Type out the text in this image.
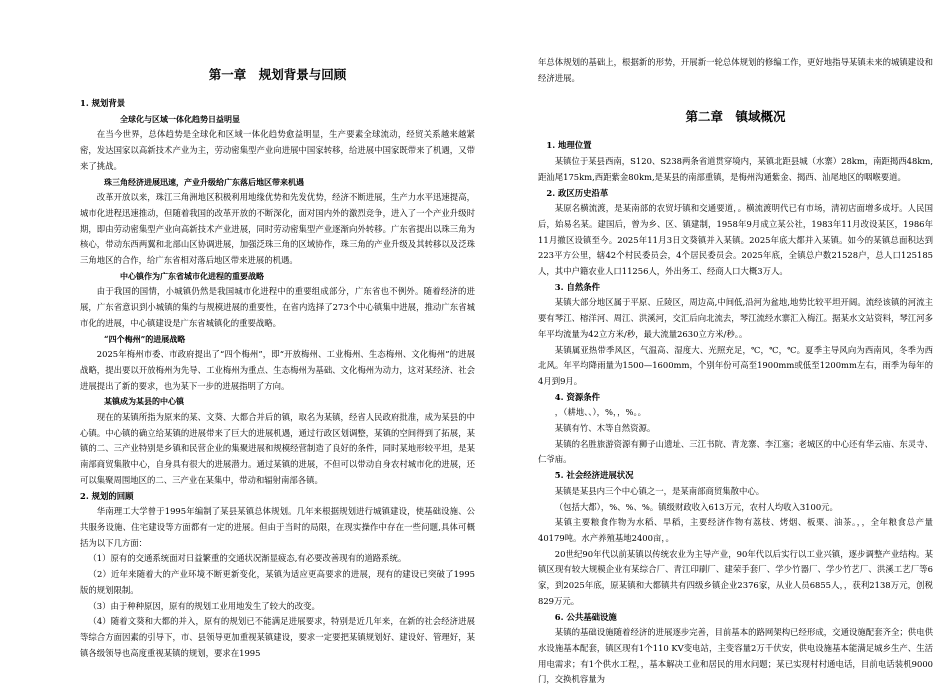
第一章　规划背景与回顾

1. 规划背景

全球化与区域一体化趋势日益明显

在当今世界，总体趋势是全球化和区域一体化趋势愈益明显，生产要素全球流动，经贸关系越来越紧密，发达国家以高新技术产业为主，劳动密集型产业向进展中国家转移，给进展中国家既带来了机遇，又带来了挑战。

珠三角经济进展迅速，产业升级给广东落后地区带来机遇

改革开放以来，珠江三角洲地区积极利用地缘优势和先发优势，经济不断进展，生产力水平迅速提高，城市化进程迅速推动，但随着我国的改革开放的不断深化，面对国内外的激烈竞争，进入了一个产业升级时期，即由劳动密集型产业向高新技术产业进展，同时劳动密集型产业逐渐向外转移。广东省提出以珠三角为核心，带动东西两翼和北部山区协调进展，加强泛珠三角的区域协作，珠三角的产业升级及其转移以及泛珠三角地区的合作，给广东省相对落后地区带来进展的机遇。

中心镇作为广东省城市化进程的重要战略

由于我国的国情，小城镇仍然是我国城市化进程中的重要组成部分，广东省也不例外。随着经济的进展，广东省意识到小城镇的集约与规模进展的重要性，在省内选择了273个中心镇集中进展，推动广东省城市化的进展，中心镇建设是广东省城镇化的重要战略。

“四个梅州”的进展战略

2025年梅州市委、市政府提出了“四个梅州”，即“开放梅州、工业梅州、生态梅州、文化梅州”的进展战略，提出要以开放梅州为先导、工业梅州为重点、生态梅州为基础、文化梅州为动力，这对某经济、社会进展提出了新的要求，也为某下一步的进展指明了方向。

某镇成为某县的中心镇

现在的某镇所指为原来的某、文葵、大都合并后的镇，取名为某镇，经省人民政府批准，成为某县的中心镇。中心镇的确立给某镇的进展带来了巨大的进展机遇，通过行政区划调整，某镇的空间得到了拓展，某镇的二、三产业特别是乡镇和民营企业的集聚进展和规模经营制造了良好的条件，同时某地形较平坦，是某南部商贸集散中心，自身具有很大的进展潜力。通过某镇的进展，不但可以带动自身农村城市化的进展，还可以集聚周围地区的二、三产业在某集中，带动和辐射南部各镇。

2. 规划的回顾

华南理工大学曾于1995年编制了某县某镇总体规划。几年来根据规划进行城镇建设，使基础设施、公共服务设施、住宅建设等方面都有一定的进展。但由于当时的局限，在现实操作中存在一些问题,具体可概括为以下几方面：

（1）原有的交通系统面对日益繁重的交通状况渐显疲态,有必要改善现有的道路系统。

（2）近年来随着大的产业环境不断更新变化，某镇为适应更高要求的进展，现有的建设已突破了1995版的规划限制。

（3）由于种种原因，原有的规划工业用地发生了较大的改变。

（4）随着文葵和大都的并入，原有的规划已不能满足进展要求，特别是近几年来，在新的社会经济进展等综合方面因素的引导下，市、县领导更加重视某镇建设，要求一定要把某镇规划好、建设好、管理好，某镇各级领导也高度重视某镇的规划，要求在1995

年总体规划的基础上，根据新的形势，开展新一轮总体规划的修编工作，更好地指导某镇未来的城镇建设和经济进展。

第二章　镇域概况

1. 地理位置

某镇位于某县西南，S120、S238两条省道贯穿境内，某镇北距县城（水寨）28km，南距揭西48km,距汕尾175km,西距紫金80km,是某县的南部重镇，是梅州沟通紫金、揭西、汕尾地区的咽喉要道。

2. 政区历史沿革

某原名横流渡，是某南部的农贸圩镇和交通要道，。横流渡明代已有市场，清初店面增多成圩。人民国后，始易名某。建国后，曾为乡、区、镇建制，1958年9月成立某公社，1983年11月改设某区，1986年11月撤区设镇至今。2025年11月3日文葵镇并入某镇。2025年底大都并入某镇。如今的某镇总面积达到223平方公里，辖42个村民委员会，4个居民委员会。2025年底，全镇总户数21528户，总人口125185人，其中户籍农业人口11256人，外出务工、经商人口大概3万人。

3. 自然条件

某镇大部分地区属于平原、丘陵区，周边高,中间低,沿河为盆地,地势比较平坦开阔。流经该镇的河流主要有琴江、榕洋河、周江、洪溪河，交汇后向北流去，琴江流经水寨汇入梅江。据某水文站资料，琴江河多年平均流量为42立方米/秒，最大流量2630立方米/秒。。

某镇属亚热带季风区，气温高、湿度大、光照充足，℃，℃，℃。夏季主导风向为西南风，冬季为西北风。年平均降雨量为1500—1600mm，个别年份可高至1900mm或低至1200mm左右，雨季为每年的4月到9月。

4. 资源条件

，（耕地、、），%，，%。。

某镇有竹、木等自然资源。

某镇的名胜旅游资源有狮子山遗址、三江书院、青龙寨、李江塞；老城区的中心还有华云庙、东灵寺、仁爷庙。

5. 社会经济进展状况

某镇是某县内三个中心镇之一，是某南部商贸集散中心。

（包括大都），%、%、%。镇级财政收入613万元，农村人均收入3100元。

某镇主要粮食作物为水稻、旱稻，主要经济作物有荔枝、烤烟、板栗、油茶。，，全年粮食总产量40179吨。水产养殖基地2400亩，。

20世纪90年代以前某镇以传统农业为主导产业，90年代以后实行以工业兴镇，逐步调整产业结构。某镇区现有较大规模企业有某综合厂、青江印刷厂、建荣手套厂、学少竹器厂、学少竹艺厂、洪溪工艺厂等6家，到2025年底，原某镇和大都镇共有四级乡镇企业2376家，从业人员6855人，，获利2138万元，创税829万元。

6. 公共基础设施

某镇的基础设施随着经济的进展逐步完善，目前基本的路网架构已经形成，交通设施配套齐全；供电供水设施基本配套，镇区现有1个110 KV变电站，主变容量2万千伏安，供电设施基本能满足城乡生产、生活用电需求；有1个供水工程，，基本解决工业和居民的用水问题；某已实现村村通电话，目前电话装机9000门，交换机容量为
